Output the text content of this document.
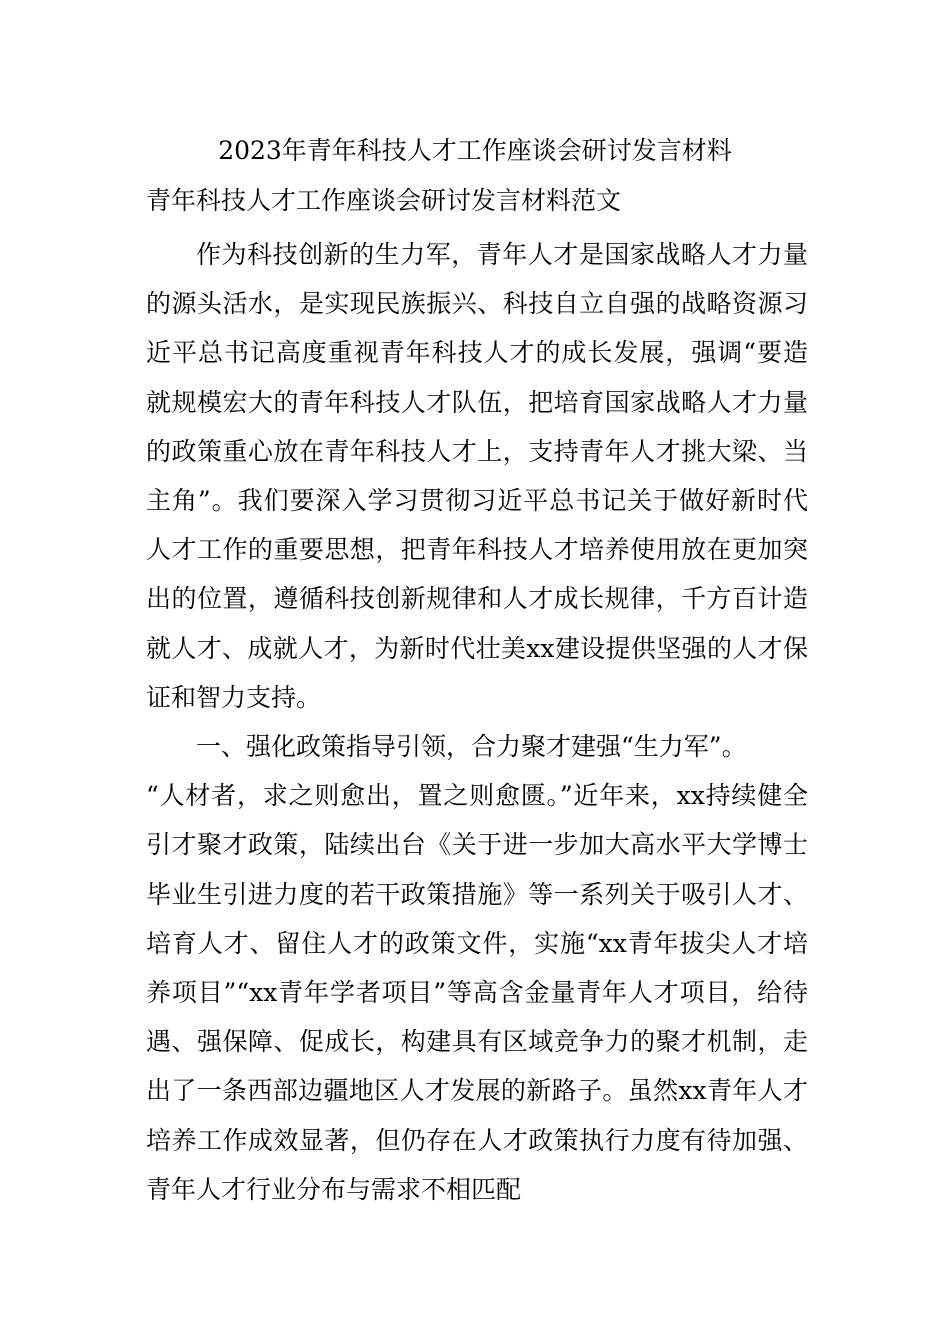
2023年青年科技人才工作座谈会研讨发言材料
青年科技人才工作座谈会研讨发言材料范文

作为科技创新的生力军，青年人才是国家战略人才力量的源头活水，是实现民族振兴、科技自立自强的战略资源习近平总书记高度重视青年科技人才的成长发展，强调“要造就规模宏大的青年科技人才队伍，把培育国家战略人才力量的政策重心放在青年科技人才上，支持青年人才挑大梁、当主角”。我们要深入学习贯彻习近平总书记关于做好新时代人才工作的重要思想，把青年科技人才培养使用放在更加突出的位置，遵循科技创新规律和人才成长规律，千方百计造就人才、成就人才，为新时代壮美xx建设提供坚强的人才保证和智力支持。

一、强化政策指导引领，合力聚才建强“生力军”。

“人材者，求之则愈出，置之则愈匮。”近年来，xx持续健全引才聚才政策，陆续出台《关于进一步加大高水平大学博士毕业生引进力度的若干政策措施》等一系列关于吸引人才、培育人才、留住人才的政策文件，实施“xx青年拔尖人才培养项目”“xx青年学者项目”等高含金量青年人才项目，给待遇、强保障、促成长，构建具有区域竞争力的聚才机制，走出了一条西部边疆地区人才发展的新路子。虽然xx青年人才培养工作成效显著，但仍存在人才政策执行力度有待加强、青年人才行业分布与需求不相匹配
